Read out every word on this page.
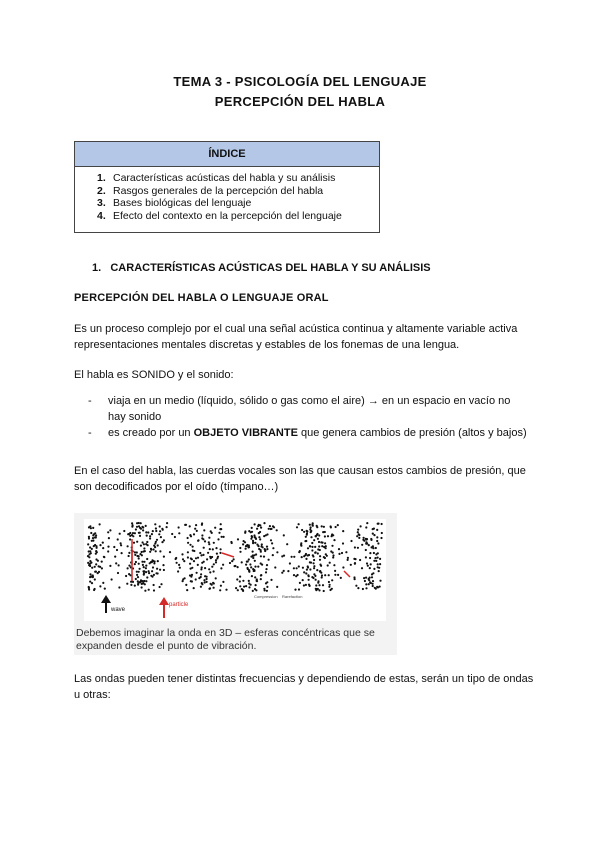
TEMA 3 - PSICOLOGÍA DEL LENGUAJE
PERCEPCIÓN DEL HABLA
ÍNDICE
1. Características acústicas del habla y su análisis
2. Rasgos generales de la percepción del habla
3. Bases biológicas del lenguaje
4. Efecto del contexto en la percepción del lenguaje
1. CARACTERÍSTICAS ACÚSTICAS DEL HABLA Y SU ANÁLISIS
PERCEPCIÓN DEL HABLA O LENGUAJE ORAL
Es un proceso complejo por el cual una señal acústica continua y altamente variable activa representaciones mentales discretas y estables de los fonemas de una lengua.
El habla es SONIDO y el sonido:
- viaja en un medio (líquido, sólido o gas como el aire) → en un espacio en vacío no hay sonido
- es creado por un OBJETO VIBRANTE que genera cambios de presión (altos y bajos)
En el caso del habla, las cuerdas vocales son las que causan estos cambios de presión, que son decodificados por el oído (tímpano…)
wave
particle
Compression Rarefaction
Debemos imaginar la onda en 3D – esferas concéntricas que se expanden desde el punto de vibración.
Las ondas pueden tener distintas frecuencias y dependiendo de estas, serán un tipo de ondas u otras:
